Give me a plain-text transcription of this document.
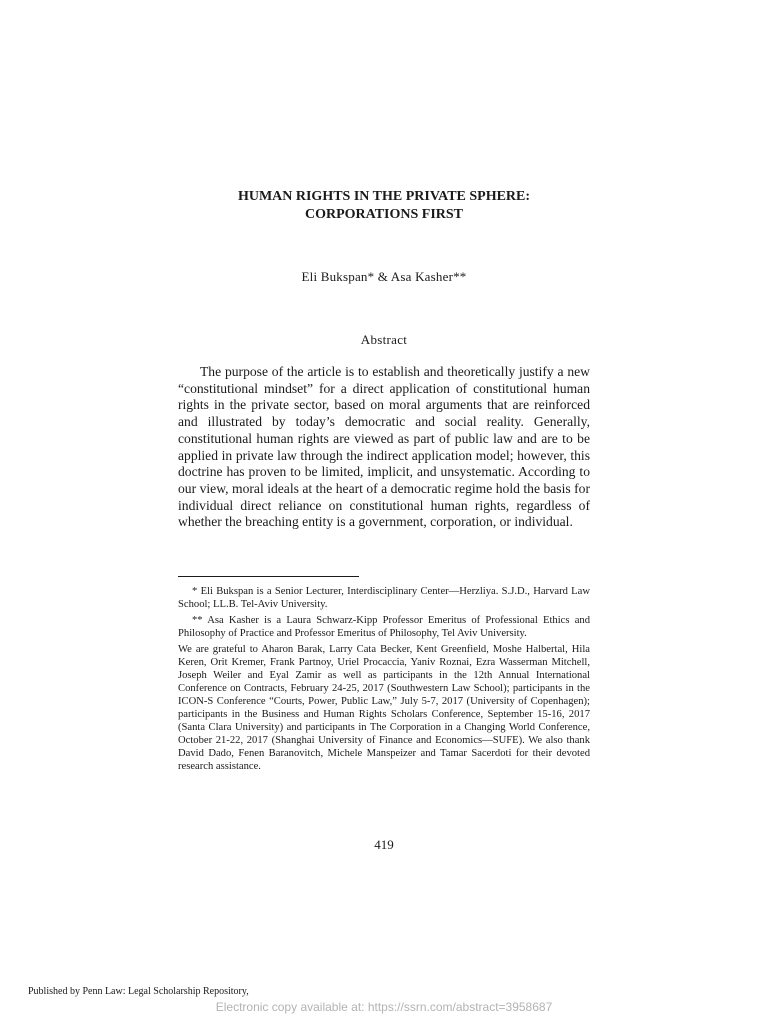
HUMAN RIGHTS IN THE PRIVATE SPHERE:
CORPORATIONS FIRST
Eli Bukspan* & Asa Kasher**
Abstract

The purpose of the article is to establish and theoretically justify a new “constitutional mindset” for a direct application of constitutional human rights in the private sector, based on moral arguments that are reinforced and illustrated by today’s democratic and social reality. Generally, constitutional human rights are viewed as part of public law and are to be applied in private law through the indirect application model; however, this doctrine has proven to be limited, implicit, and unsystematic. According to our view, moral ideals at the heart of a democratic regime hold the basis for individual direct reliance on constitutional human rights, regardless of whether the breaching entity is a government, corporation, or individual.

* Eli Bukspan is a Senior Lecturer, Interdisciplinary Center—Herzliya. S.J.D., Harvard Law School; LL.B. Tel-Aviv University.

** Asa Kasher is a Laura Schwarz-Kipp Professor Emeritus of Professional Ethics and Philosophy of Practice and Professor Emeritus of Philosophy, Tel Aviv University.

We are grateful to Aharon Barak, Larry Cata Becker, Kent Greenfield, Moshe Halbertal, Hila Keren, Orit Kremer, Frank Partnoy, Uriel Procaccia, Yaniv Roznai, Ezra Wasserman Mitchell, Joseph Weiler and Eyal Zamir as well as participants in the 12th Annual International Conference on Contracts, February 24-25, 2017 (Southwestern Law School); participants in the ICON-S Conference “Courts, Power, Public Law,” July 5-7, 2017 (University of Copenhagen); participants in the Business and Human Rights Scholars Conference, September 15-16, 2017 (Santa Clara University) and participants in The Corporation in a Changing World Conference, October 21-22, 2017 (Shanghai University of Finance and Economics—SUFE). We also thank David Dado, Fenen Baranovitch, Michele Manspeizer and Tamar Sacerdoti for their devoted research assistance.

419
Published by Penn Law: Legal Scholarship Repository,
Electronic copy available at: https://ssrn.com/abstract=3958687
